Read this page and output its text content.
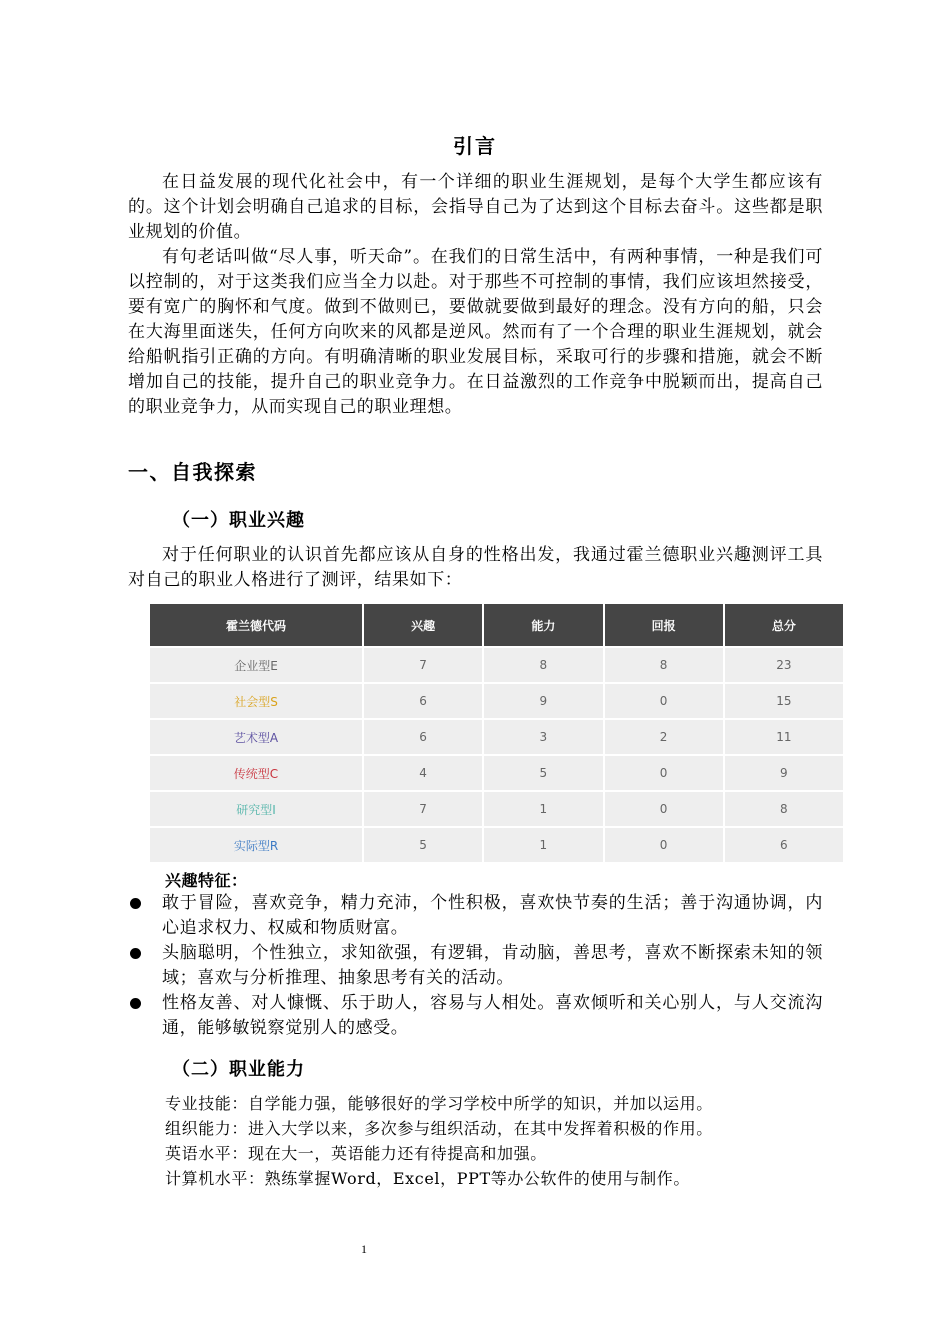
引言

在日益发展的现代化社会中，有一个详细的职业生涯规划，是每个大学生都应该有的。这个计划会明确自己追求的目标，会指导自己为了达到这个目标去奋斗。这些都是职业规划的价值。

有句老话叫做“尽人事，听天命”。在我们的日常生活中，有两种事情，一种是我们可以控制的，对于这类我们应当全力以赴。对于那些不可控制的事情，我们应该坦然接受，要有宽广的胸怀和气度。做到不做则已，要做就要做到最好的理念。没有方向的船，只会在大海里面迷失，任何方向吹来的风都是逆风。然而有了一个合理的职业生涯规划，就会给船帆指引正确的方向。有明确清晰的职业发展目标，采取可行的步骤和措施，就会不断增加自己的技能，提升自己的职业竞争力。在日益激烈的工作竞争中脱颖而出，提高自己的职业竞争力，从而实现自己的职业理想。

一、自我探索
（一）职业兴趣

对于任何职业的认识首先都应该从自身的性格出发，我通过霍兰德职业兴趣测评工具对自己的职业人格进行了测评，结果如下：

霍兰德代码	兴趣	能力	回报	总分
企业型E	7	8	8	23
社会型S	6	9	0	15
艺术型A	6	3	2	11
传统型C	4	5	0	9
研究型I	7	1	0	8
实际型R	5	1	0	6
兴趣特征：
敢于冒险，喜欢竞争，精力充沛，个性积极，喜欢快节奏的生活；善于沟通协调，内心追求权力、权威和物质财富。
头脑聪明，个性独立，求知欲强，有逻辑，肯动脑，善思考，喜欢不断探索未知的领域；喜欢与分析推理、抽象思考有关的活动。
性格友善、对人慷慨、乐于助人，容易与人相处。喜欢倾听和关心别人，与人交流沟通，能够敏锐察觉别人的感受。
（二）职业能力
专业技能：自学能力强，能够很好的学习学校中所学的知识，并加以运用。
组织能力：进入大学以来，多次参与组织活动，在其中发挥着积极的作用。
英语水平：现在大一，英语能力还有待提高和加强。
计算机水平：熟练掌握Word，Excel，PPT等办公软件的使用与制作。
1
